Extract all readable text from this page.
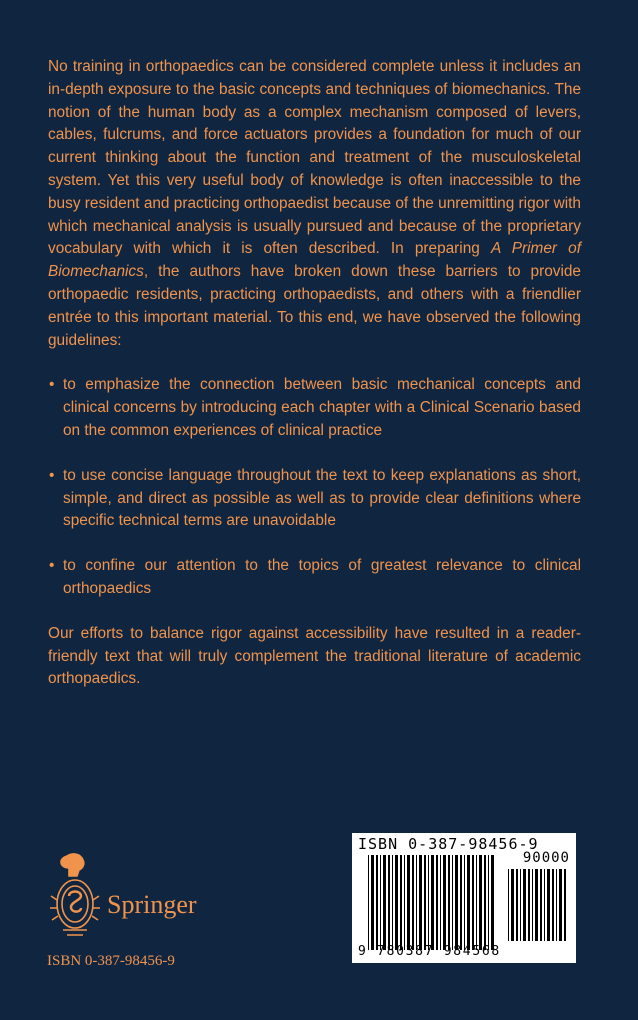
No training in orthopaedics can be considered complete unless it includes an in-depth exposure to the basic concepts and techniques of biomechanics. The notion of the human body as a complex mechanism composed of levers, cables, fulcrums, and force actuators provides a foundation for much of our current thinking about the function and treatment of the musculoskeletal system. Yet this very useful body of knowledge is often inaccessible to the busy resident and practicing orthopaedist because of the unremitting rigor with which mechanical analysis is usually pursued and because of the proprietary vocabulary with which it is often described. In preparing A Primer of Biomechanics, the authors have broken down these barriers to provide orthopaedic residents, practicing orthopaedists, and others with a friendlier entrée to this important material. To this end, we have observed the following guidelines:

• to emphasize the connection between basic mechanical concepts and clinical concerns by introducing each chapter with a Clinical Scenario based on the common experiences of clinical practice
• to use concise language throughout the text to keep explanations as short, simple, and direct as possible as well as to provide clear definitions where specific technical terms are unavoidable
• to confine our attention to the topics of greatest relevance to clinical orthopaedics

Our efforts to balance rigor against accessibility have resulted in a reader-friendly text that will truly complement the traditional literature of academic orthopaedics.

Springer
ISBN 0-387-98456-9
ISBN 0-387-98456-9
90000
9 780387 984568
